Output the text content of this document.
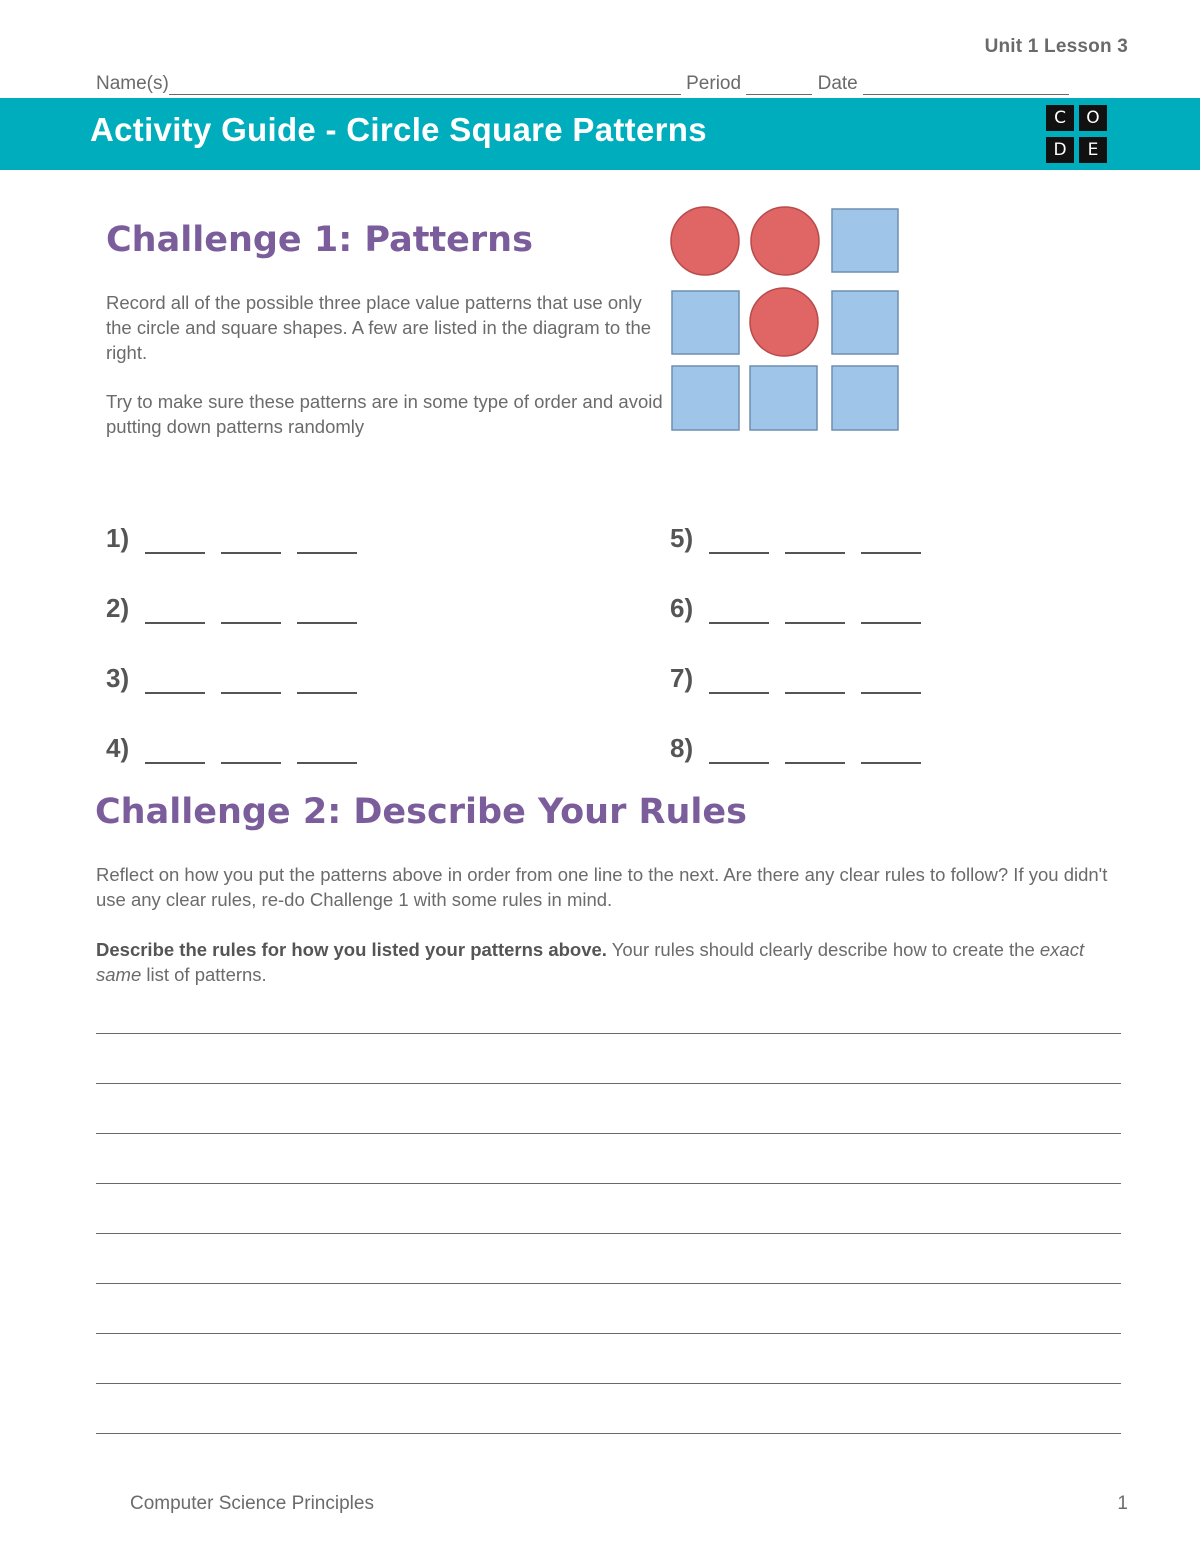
Unit 1 Lesson 3
Name(s)	Period	Date
Activity Guide - Circle Square Patterns	C	O
D	E
Challenge 1: Patterns
Record all of the possible three place value patterns that use only the circle and square shapes. A few are listed in the diagram to the right.
Try to make sure these patterns are in some type of order and avoid putting down patterns randomly
1)
2)
3)
4)
5)
6)
7)
8)
Challenge 2: Describe Your Rules
Reflect on how you put the patterns above in order from one line to the next. Are there any clear rules to follow? If you didn't use any clear rules, re-do Challenge 1 with some rules in mind.
Describe the rules for how you listed your patterns above. Your rules should clearly describe how to create the exact same list of patterns.
Computer Science Principles	1
